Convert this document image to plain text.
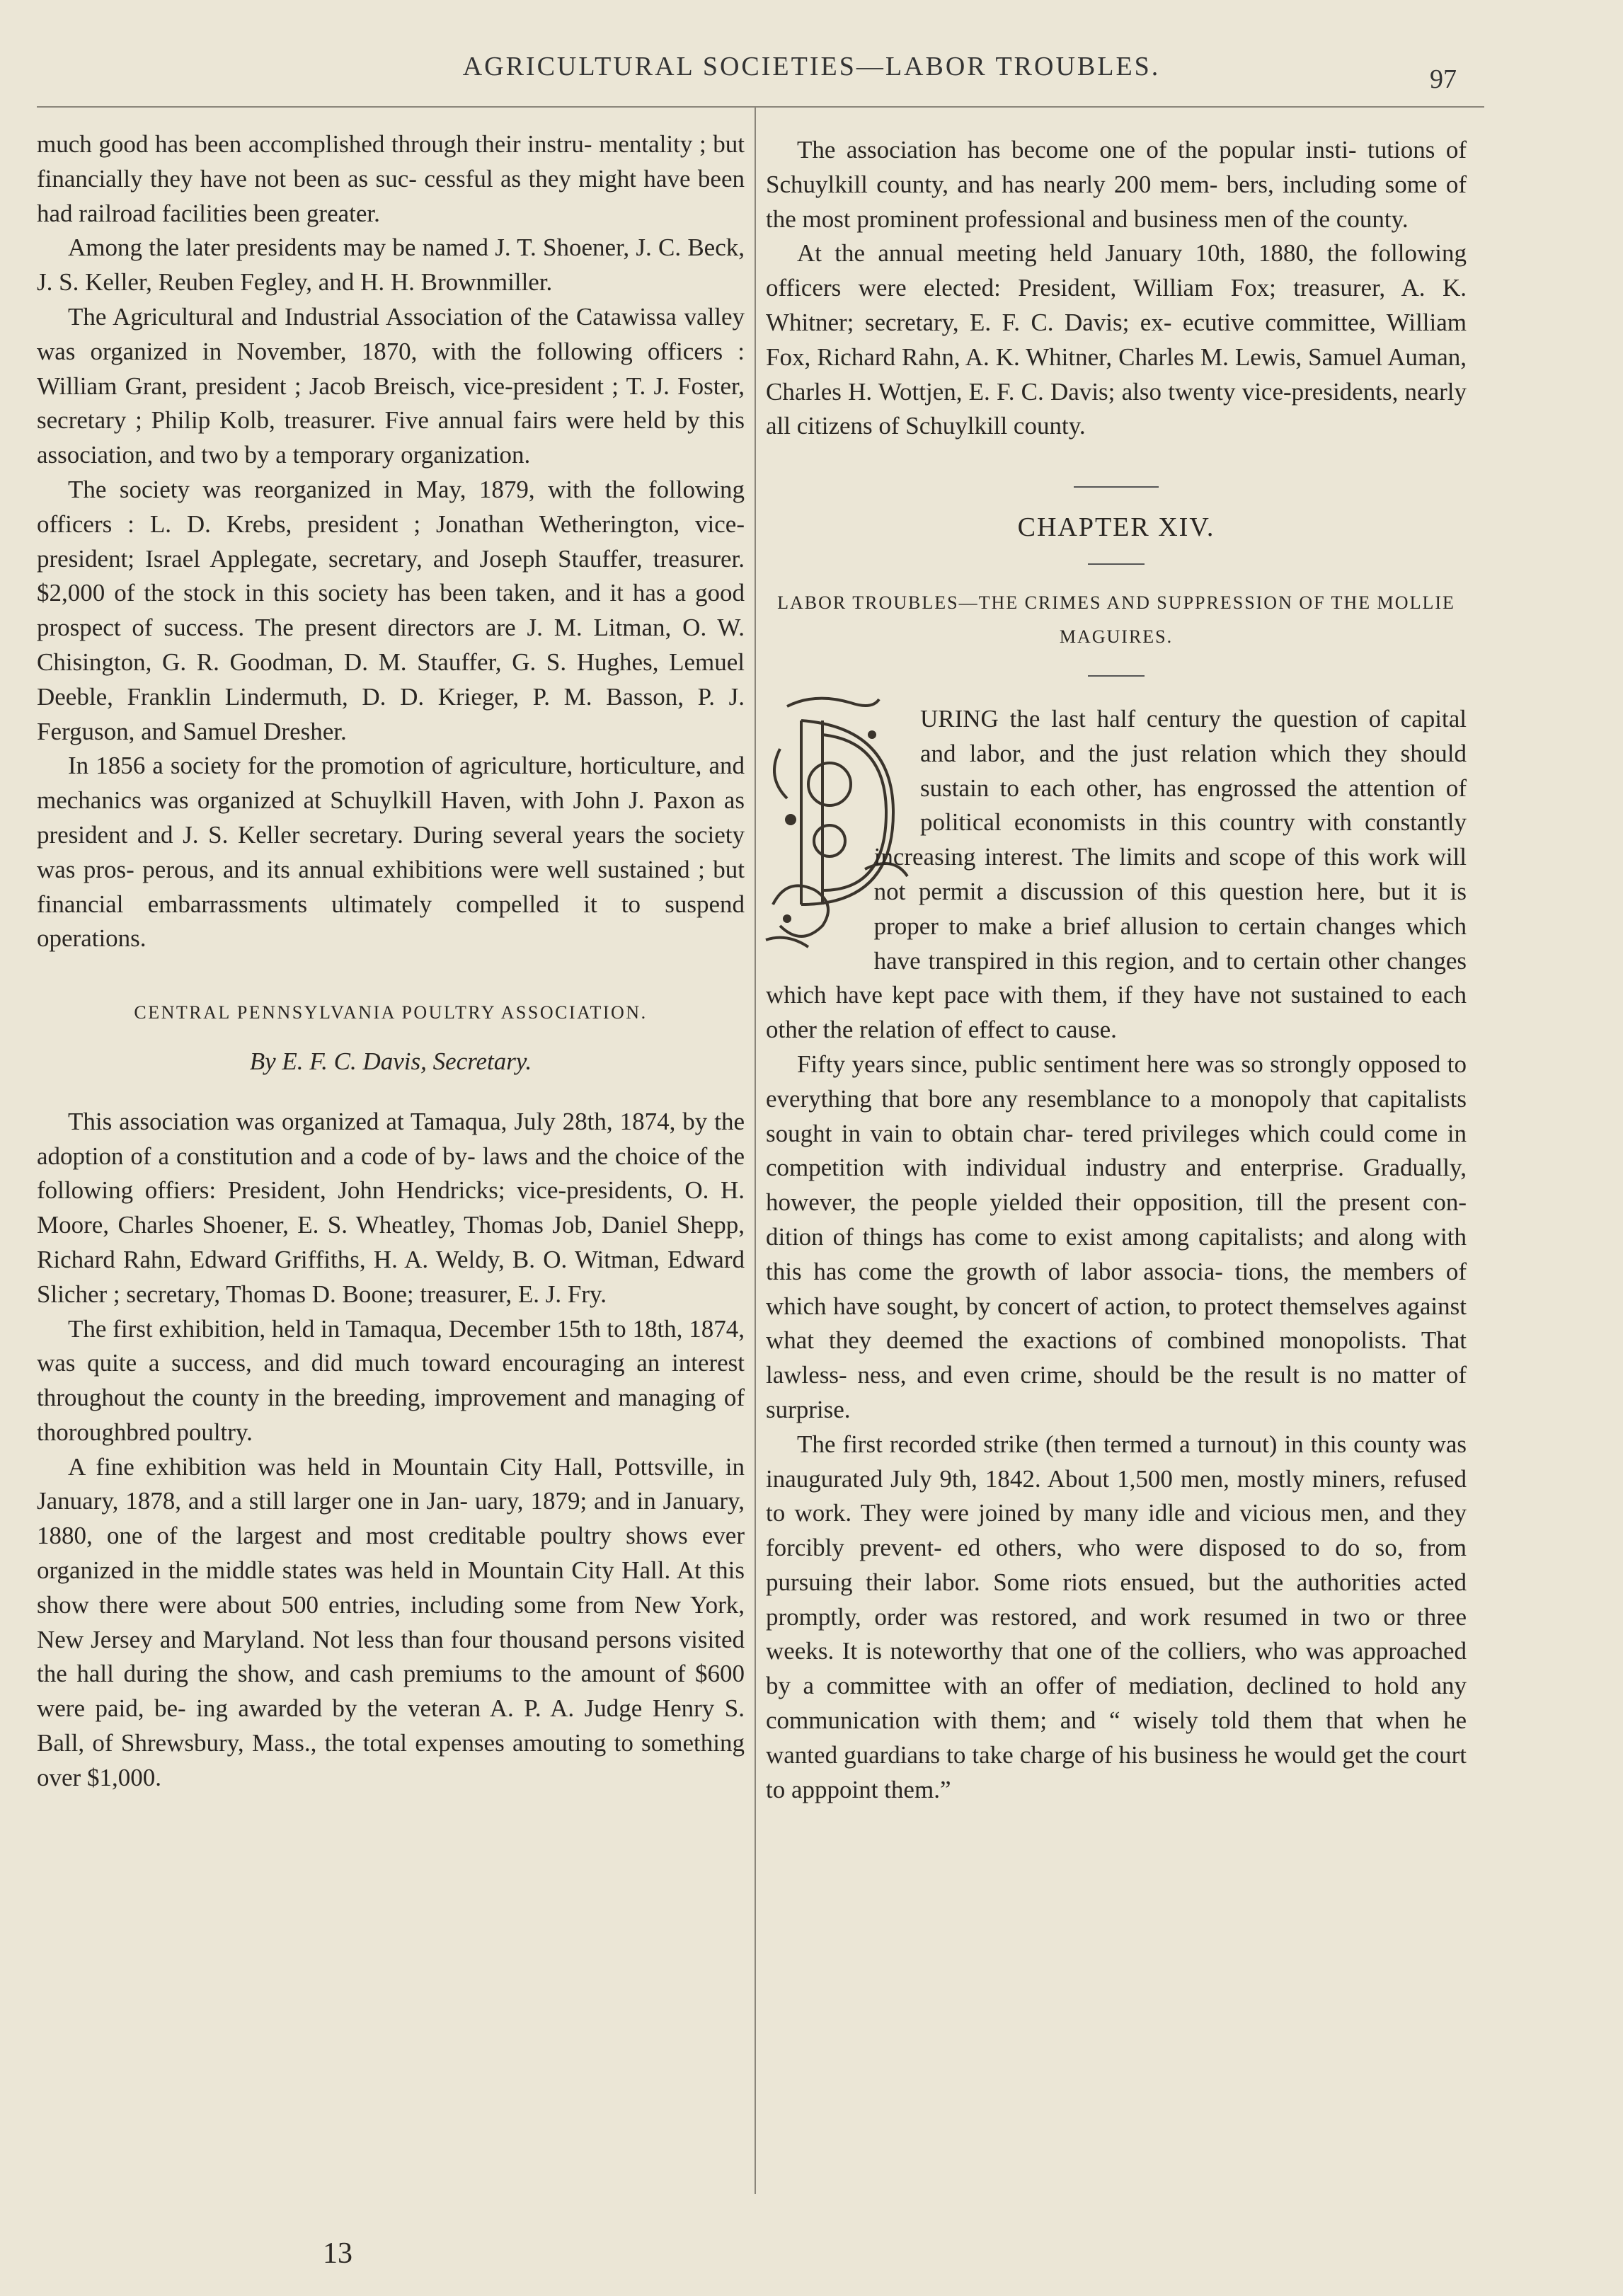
AGRICULTURAL SOCIETIES—LABOR TROUBLES.	97

much good has been accomplished through their instru- mentality ; but financially they have not been as suc- cessful as they might have been had railroad facilities been greater.

Among the later presidents may be named J. T. Shoener, J. C. Beck, J. S. Keller, Reuben Fegley, and H. H. Brownmiller.

The Agricultural and Industrial Association of the Catawissa valley was organized in November, 1870, with the following officers : William Grant, president ; Jacob Breisch, vice-president ; T. J. Foster, secretary ; Philip Kolb, treasurer. Five annual fairs were held by this association, and two by a temporary organization.

The society was reorganized in May, 1879, with the following officers : L. D. Krebs, president ; Jonathan Wetherington, vice-president; Israel Applegate, secretary, and Joseph Stauffer, treasurer. $2,000 of the stock in this society has been taken, and it has a good prospect of success. The present directors are J. M. Litman, O. W. Chisington, G. R. Goodman, D. M. Stauffer, G. S. Hughes, Lemuel Deeble, Franklin Lindermuth, D. D. Krieger, P. M. Basson, P. J. Ferguson, and Samuel Dresher.

In 1856 a society for the promotion of agriculture, horticulture, and mechanics was organized at Schuylkill Haven, with John J. Paxon as president and J. S. Keller secretary. During several years the society was pros- perous, and its annual exhibitions were well sustained ; but financial embarrassments ultimately compelled it to suspend operations.

CENTRAL PENNSYLVANIA POULTRY ASSOCIATION.

By E. F. C. Davis, Secretary.

This association was organized at Tamaqua, July 28th, 1874, by the adoption of a constitution and a code of by- laws and the choice of the following offiers: President, John Hendricks; vice-presidents, O. H. Moore, Charles Shoener, E. S. Wheatley, Thomas Job, Daniel Shepp, Richard Rahn, Edward Griffiths, H. A. Weldy, B. O. Witman, Edward Slicher ; secretary, Thomas D. Boone; treasurer, E. J. Fry.

The first exhibition, held in Tamaqua, December 15th to 18th, 1874, was quite a success, and did much toward encouraging an interest throughout the county in the breeding, improvement and managing of thoroughbred poultry.

A fine exhibition was held in Mountain City Hall, Pottsville, in January, 1878, and a still larger one in Jan- uary, 1879; and in January, 1880, one of the largest and most creditable poultry shows ever organized in the middle states was held in Mountain City Hall. At this show there were about 500 entries, including some from New York, New Jersey and Maryland. Not less than four thousand persons visited the hall during the show, and cash premiums to the amount of $600 were paid, be- ing awarded by the veteran A. P. A. Judge Henry S. Ball, of Shrewsbury, Mass., the total expenses amouting to something over $1,000.

The association has become one of the popular insti- tutions of Schuylkill county, and has nearly 200 mem- bers, including some of the most prominent professional and business men of the county.

At the annual meeting held January 10th, 1880, the following officers were elected: President, William Fox; treasurer, A. K. Whitner; secretary, E. F. C. Davis; ex- ecutive committee, William Fox, Richard Rahn, A. K. Whitner, Charles M. Lewis, Samuel Auman, Charles H. Wottjen, E. F. C. Davis; also twenty vice-presidents, nearly all citizens of Schuylkill county.

CHAPTER XIV.

LABOR TROUBLES—THE CRIMES AND SUPPRESSION OF THE MOLLIE MAGUIRES.

URING the last half century the question of capital and labor, and the just relation which they should sustain to each other, has engrossed the attention of political economists in this country with constantly increasing interest. The limits and scope of this work will not permit a discussion of this question here, but it is proper to make a brief allusion to certain changes which have transpired in this region, and to certain other changes which have kept pace with them, if they have not sustained to each other the relation of effect to cause.

Fifty years since, public sentiment here was so strongly opposed to everything that bore any resemblance to a monopoly that capitalists sought in vain to obtain char- tered privileges which could come in competition with individual industry and enterprise. Gradually, however, the people yielded their opposition, till the present con- dition of things has come to exist among capitalists; and along with this has come the growth of labor associa- tions, the members of which have sought, by concert of action, to protect themselves against what they deemed the exactions of combined monopolists. That lawless- ness, and even crime, should be the result is no matter of surprise.

The first recorded strike (then termed a turnout) in this county was inaugurated July 9th, 1842. About 1,500 men, mostly miners, refused to work. They were joined by many idle and vicious men, and they forcibly prevent- ed others, who were disposed to do so, from pursuing their labor. Some riots ensued, but the authorities acted promptly, order was restored, and work resumed in two or three weeks. It is noteworthy that one of the colliers, who was approached by a committee with an offer of mediation, declined to hold any communication with them; and “ wisely told them that when he wanted guardians to take charge of his business he would get the court to apppoint them.”

13
